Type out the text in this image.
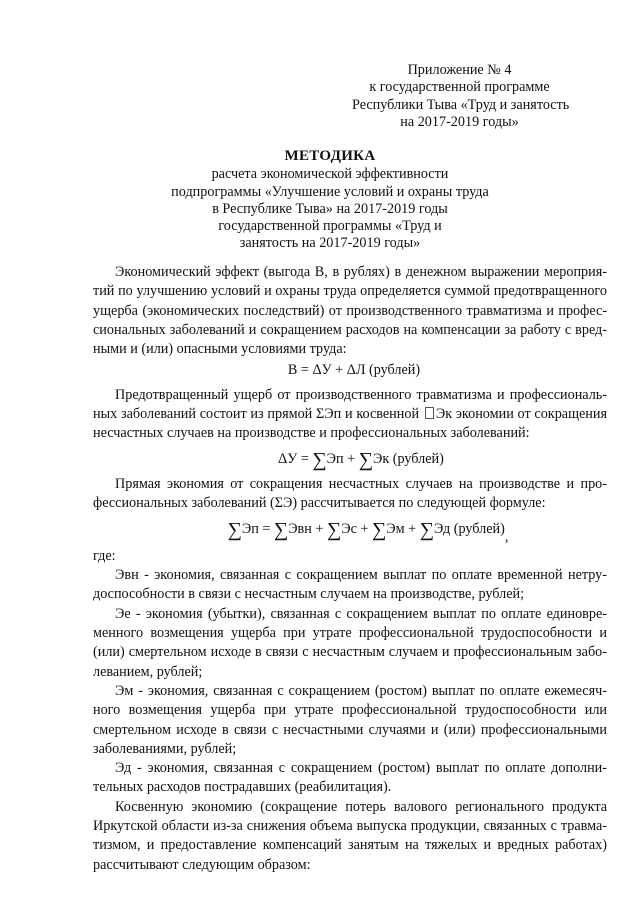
Приложение № 4
к государственной программе
Республики Тыва «Труд и занятость
на 2017-2019 годы»
МЕТОДИКА
расчета экономической эффективности
подпрограммы «Улучшение условий и охраны труда
в Республике Тыва» на 2017-2019 годы
государственной программы «Труд и
занятость на 2017-2019 годы»
Экономический эффект (выгода В, в рублях) в денежном выражении мероприя-
тий по улучшению условий и охраны труда определяется суммой предотвращенного
ущерба (экономических последствий) от производственного травматизма и профес-
сиональных заболеваний и сокращением расходов на компенсации за работу с вред-
ными и (или) опасными условиями труда:
В = ΔУ + ΔЛ (рублей)
Предотвращенный ущерб от производственного травматизма и профессиональ-
ных заболеваний состоит из прямой ΣЭп и косвенной Эк экономии от сокращения
несчастных случаев на производстве и профессиональных заболеваний:
ΔУ = ∑Эп + ∑Эк (рублей)
Прямая экономия от сокращения несчастных случаев на производстве и про-
фессиональных заболеваний (ΣЭ) рассчитывается по следующей формуле:
∑Эп = ∑Эвн + ∑Эс + ∑Эм + ∑Эд (рублей),
где:
Эвн - экономия, связанная с сокращением выплат по оплате временной нетру-
доспособности в связи с несчастным случаем на производстве, рублей;
Эе - экономия (убытки), связанная с сокращением выплат по оплате единовре-
менного возмещения ущерба при утрате профессиональной трудоспособности и
(или) смертельном исходе в связи с несчастным случаем и профессиональным забо-
леванием, рублей;
Эм - экономия, связанная с сокращением (ростом) выплат по оплате ежемесяч-
ного возмещения ущерба при утрате профессиональной трудоспособности или
смертельном исходе в связи с несчастными случаями и (или) профессиональными
заболеваниями, рублей;
Эд - экономия, связанная с сокращением (ростом) выплат по оплате дополни-
тельных расходов пострадавших (реабилитация).
Косвенную экономию (сокращение потерь валового регионального продукта
Иркутской области из-за снижения объема выпуска продукции, связанных с травма-
тизмом, и предоставление компенсаций занятым на тяжелых и вредных работах)
рассчитывают следующим образом:
